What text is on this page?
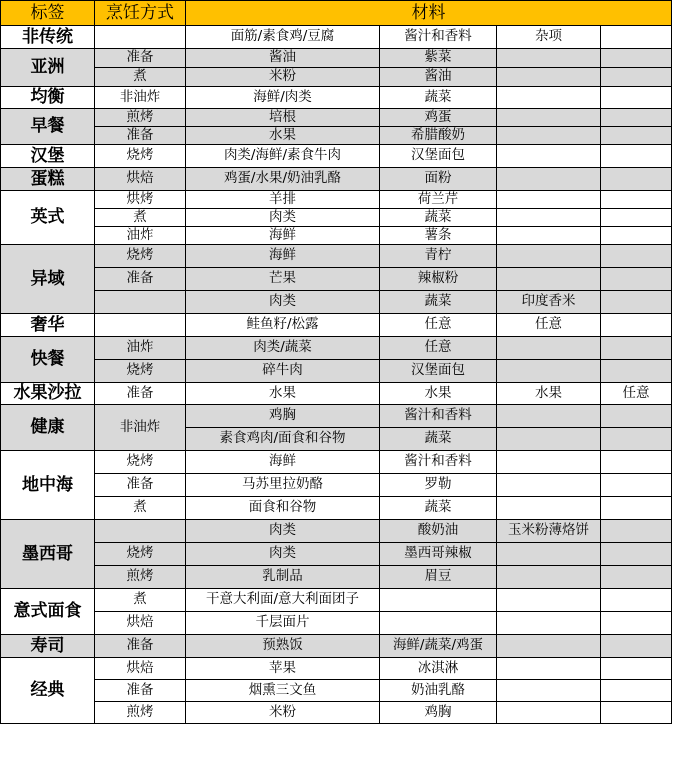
标签	烹饪方式	材料			
非传统		面筋/素食鸡/豆腐	酱汁和香料	杂项	
亚洲	准备	酱油	紫菜		
	煮	米粉	酱油		
均衡	非油炸	海鲜/肉类	蔬菜		
早餐	煎烤	培根	鸡蛋		
	准备	水果	希腊酸奶		
汉堡	烧烤	肉类/海鲜/素食牛肉	汉堡面包		
蛋糕	烘焙	鸡蛋/水果/奶油乳酪	面粉		
英式	烘烤	羊排	荷兰芹		
	煮	肉类	蔬菜		
	油炸	海鲜	薯条		
异域	烧烤	海鲜	青柠		
	准备	芒果	辣椒粉		
		肉类	蔬菜	印度香米	
奢华		鲑鱼籽/松露	任意	任意	
快餐	油炸	肉类/蔬菜	任意		
	烧烤	碎牛肉	汉堡面包		
水果沙拉	准备	水果	水果	水果	任意
健康	非油炸	鸡胸	酱汁和香料		
		素食鸡肉/面食和谷物	蔬菜		
地中海	烧烤	海鲜	酱汁和香料		
	准备	马苏里拉奶酪	罗勒		
	煮	面食和谷物	蔬菜		
墨西哥		肉类	酸奶油	玉米粉薄烙饼	
	烧烤	肉类	墨西哥辣椒		
	煎烤	乳制品	眉豆		
意式面食	煮	干意大利面/意大利面团子			
	烘焙	千层面片			
寿司	准备	预熟饭	海鲜/蔬菜/鸡蛋		
经典	烘焙	苹果	冰淇淋		
	准备	烟熏三文鱼	奶油乳酪		
	煎烤	米粉	鸡胸		
